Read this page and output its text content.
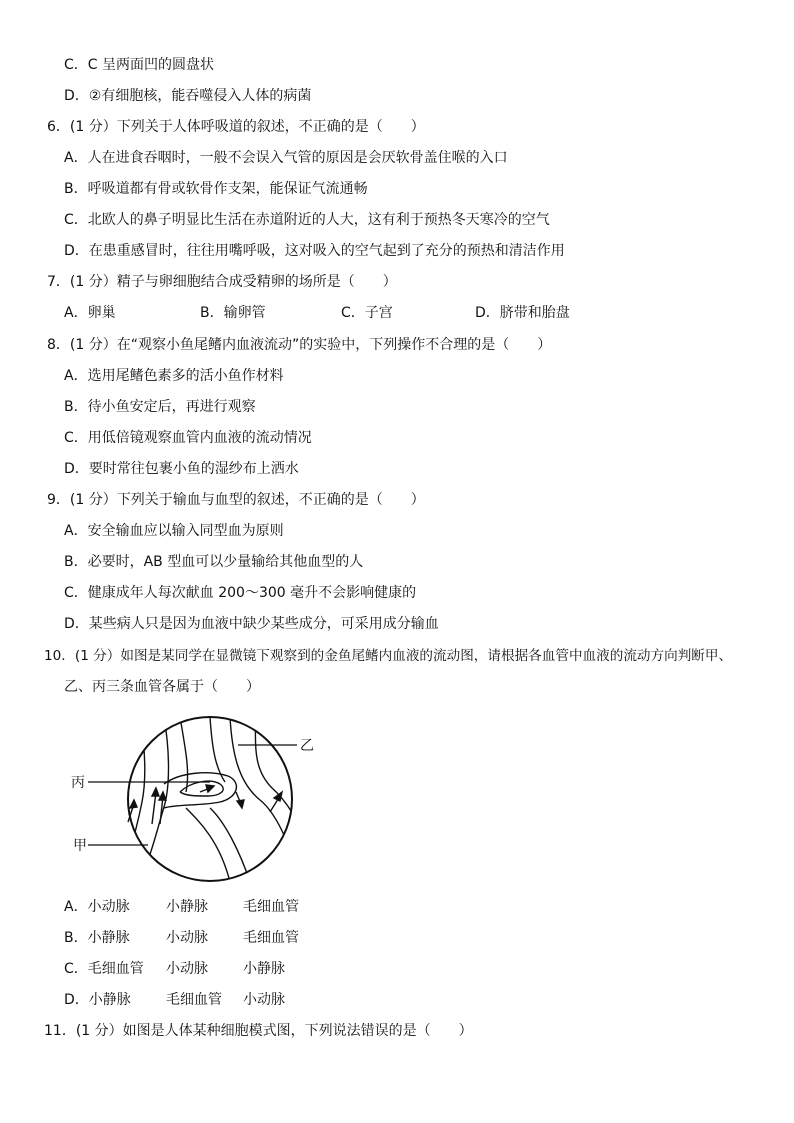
C．C 呈两面凹的圆盘状
D．②有细胞核，能吞噬侵入人体的病菌
6．(1 分）下列关于人体呼吸道的叙述，不正确的是（　　）
A．人在进食吞咽时，一般不会误入气管的原因是会厌软骨盖住喉的入口
B．呼吸道都有骨或软骨作支架，能保证气流通畅
C．北欧人的鼻子明显比生活在赤道附近的人大，这有利于预热冬天寒冷的空气
D．在患重感冒时，往往用嘴呼吸，这对吸入的空气起到了充分的预热和清洁作用
7．(1 分）精子与卵细胞结合成受精卵的场所是（　　）
A．卵巢	B．输卵管	C．子宫	D．脐带和胎盘
8．(1 分）在“观察小鱼尾鳍内血液流动”的实验中，下列操作不合理的是（　　）
A．选用尾鳍色素多的活小鱼作材料
B．待小鱼安定后，再进行观察
C．用低倍镜观察血管内血液的流动情况
D．要时常往包裹小鱼的湿纱布上洒水
9．(1 分）下列关于输血与血型的叙述，不正确的是（　　）
A．安全输血应以输入同型血为原则
B．必要时，AB 型血可以少量输给其他血型的人
C．健康成年人每次献血 200～300 毫升不会影响健康的
D．某些病人只是因为血液中缺少某些成分，可采用成分输血
10．(1 分）如图是某同学在显微镜下观察到的金鱼尾鳍内血液的流动图，请根据各血管中血液的流动方向判断甲、
乙、丙三条血管各属于（　　）
丙
乙
甲
A．小动脉	小静脉	毛细血管
B．小静脉	小动脉	毛细血管
C．毛细血管 小动脉	小静脉
D．小静脉	毛细血管 小动脉
11．(1 分）如图是人体某种细胞模式图，下列说法错误的是（　　）
